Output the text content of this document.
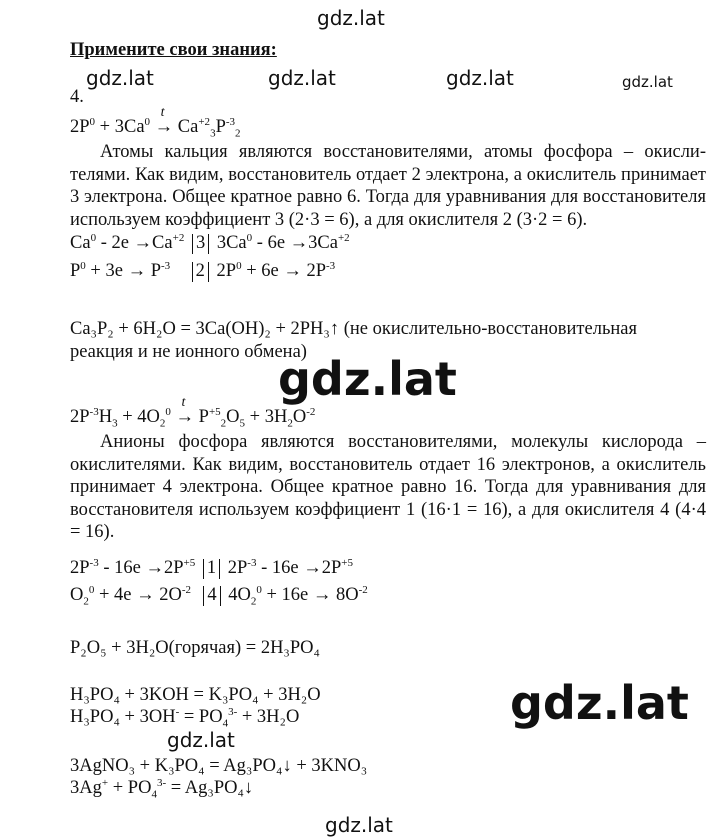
gdz.lat
gdz.lat	gdz.lat	gdz.lat	gdz.lat
Примените свои знания:
4.
$2P^0 + 3Ca^0$
t
→ $Ca^{+2}_3P^{-3}_2$
Атомы кальция являются восстановителями, атомы фосфора – окисли- телями. Как видим, восстановитель отдает 2 электрона, а окислитель принимает 3 электрона. Общее кратное равно 6. Тогда для уравнивания для восстановителя используем коэффициент 3 (2·3 = 6), а для окислителя 2 (3·2 = 6).
$Ca^0 - 2e \to Ca^{+2}$ 3 $3Ca^0 - 6e \to 3Ca^{+2}$
$P^0 + 3e \to P^{-3}$ 2 $2P^0 + 6e \to 2P^{-3}$
Ca₃P₂ + 6H₂O = 3Ca(OH)₂ + 2PH₃↑ (не окислительно-восстановительная
реакция и не ионного обмена)
gdz.lat
$2P^{-3}H_3 + 4O_2^0$
t
→ $P^{+5}_2O_5 + 3H_2O^{-2}$
Анионы фосфора являются восстановителями, молекулы кислорода – окислителями. Как видим, восстановитель отдает 16 электронов, а окислитель принимает 4 электрона. Общее кратное равно 16. Тогда для уравнивания для восстановителя используем коэффициент 1 (16·1 = 16), а для окислителя 4 (4·4 = 16).
$2P^{-3} - 16e \to 2P^{+5}$ 1 $2P^{-3} - 16e \to 2P^{+5}$
$O_2^0 + 4e \to 2O^{-2}$ 4 $4O_2^0 + 16e \to 8O^{-2}$
P₂O₅ + 3H₂O(горячая) = 2H₃PO₄
H₃PO₄ + 3KOH = K₃PO₄ + 3H₂O
$H_3PO_4 + 3OH^- = PO_4^{3-} + 3H_2O$	gdz.lat
gdz.lat
3AgNO₃ + K₃PO₄ = Ag₃PO₄↓ + 3KNO₃
$3Ag^+ + PO_4^{3-}$ = Ag₃PO₄↓
gdz.lat
